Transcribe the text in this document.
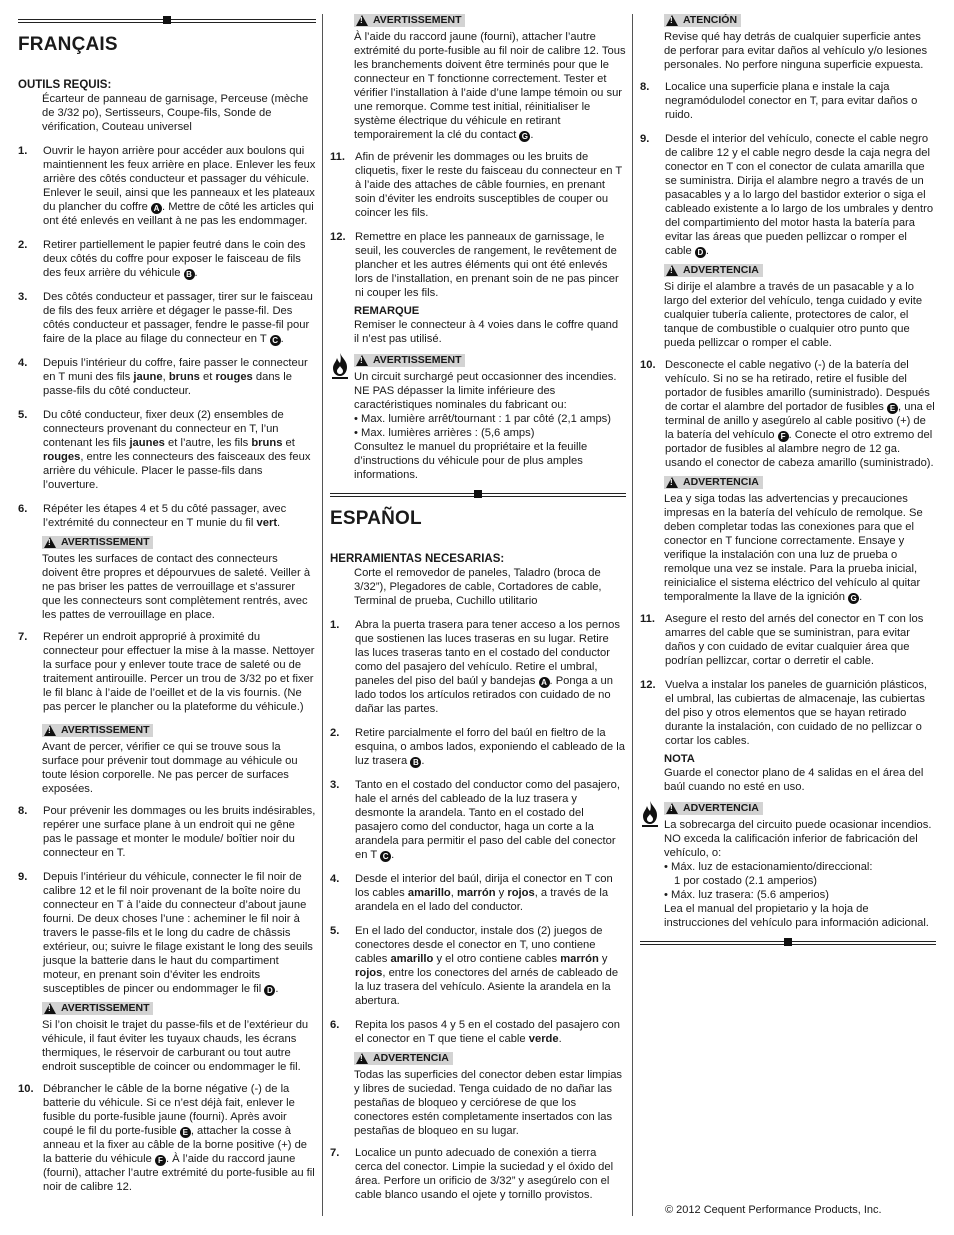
FRANÇAIS
OUTILS REQUIS:
Écarteur de panneau de garnisage, Perceuse (mèche de 3/32 po), Sertisseurs, Coupe-fils, Sonde de vérification, Couteau universel
1.	Ouvrir le hayon arrière pour accéder aux boulons qui maintiennent les feux arrière en place. Enlever les feux arrière des côtés conducteur et passager du véhicule. Enlever le seuil, ainsi que les panneaux et les plateaux du plancher du coffre A . Mettre de côté les articles qui ont été enlevés en veillant à ne pas les endommager.
2.	Retirer partiellement le papier feutré dans le coin des deux côtés du coffre pour exposer le faisceau de fils des feux arrière du véhicule B .
3.	Des côtés conducteur et passager, tirer sur le faisceau de fils des feux arrière et dégager le passe-fil. Des côtés conducteur et passager, fendre le passe-fil pour faire de la place au filage du connecteur en T C .
4.	Depuis l’intérieur du coffre, faire passer le connecteur en T muni des fils jaune, bruns et rouges dans le passe-fils du côté conducteur.
5.	Du côté conducteur, fixer deux (2) ensembles de connecteurs provenant du connecteur en T, l’un contenant les fils jaunes et l’autre, les fils bruns et rouges, entre les connecteurs des faisceaux des feux arrière du véhicule. Placer le passe-fils dans l’ouverture.
6.	Répéter les étapes 4 et 5 du côté passager, avec l’extrémité du connecteur en T munie du fil vert.
!
AVERTISSEMENT
Toutes les surfaces de contact des connecteurs doivent être propres et dépourvues de saleté. Veiller à ne pas briser les pattes de verrouillage et s’assurer que les connecteurs sont complètement rentrés, avec les pattes de verrouillage en place.
7.	Repérer un endroit approprié à proximité du connecteur pour effectuer la mise à la masse. Nettoyer la surface pour y enlever toute trace de saleté ou de traitement antirouille. Percer un trou de 3/32 po et fixer le fil blanc à l’aide de l’oeillet et de la vis fournis. (Ne pas percer le plancher ou la plateforme du véhicule.)
!
AVERTISSEMENT
Avant de percer, vérifier ce qui se trouve sous la surface pour prévenir tout dommage au véhicule ou toute lésion corporelle. Ne pas percer de surfaces exposées.
8.	Pour prévenir les dommages ou les bruits indésirables, repérer une surface plane à un endroit qui ne gêne pas le passage et monter le module/ boîtier noir du connecteur en T.
9.	Depuis l’intérieur du véhicule, connecter le fil noir de calibre 12 et le fil noir provenant de la boîte noire du connecteur en T à l’aide du connecteur d’about jaune fourni. De deux choses l’une : acheminer le fil noir à travers le passe-fils et le long du cadre de châssis extérieur, ou; suivre le filage existant le long des seuils jusque la batterie dans le haut du compartiment moteur, en prenant soin d’éviter les endroits susceptibles de pincer ou endommager le fil D .
!
AVERTISSEMENT
Si l’on choisit le trajet du passe-fils et de l’extérieur du véhicule, il faut éviter les tuyaux chauds, les écrans thermiques, le réservoir de carburant ou tout autre endroit susceptible de coincer ou endommager le fil.
10. Débrancher le câble de la borne négative (-) de la batterie du véhicule. Si ce n’est déjà fait, enlever le fusible du porte-fusible jaune (fourni). Après avoir coupé le fil du porte-fusible E , attacher la cosse à anneau et la fixer au câble de la borne positive (+) de la batterie du véhicule F . À l’aide du raccord jaune (fourni), attacher l’autre extrémité du porte-fusible au fil noir de calibre 12.
!
AVERTISSEMENT
À l’aide du raccord jaune (fourni), attacher l’autre extrémité du porte-fusible au fil noir de calibre 12. Tous les branchements doivent être terminés pour que le connecteur en T fonctionne correctement. Tester et vérifier l’installation à l’aide d’une lampe témoin ou sur une remorque. Comme test initial, réinitialiser le système électrique du véhicule en retirant temporairement la clé du contact G .
11. Afin de prévenir les dommages ou les bruits de cliquetis, fixer le reste du faisceau du connecteur en T à l’aide des attaches de câble fournies, en prenant soin d’éviter les endroits susceptibles de couper ou coincer les fils.
12. Remettre en place les panneaux de garnissage, le seuil, les couvercles de rangement, le revêtement de plancher et les autres éléments qui ont été enlevés lors de l’installation, en prenant soin de ne pas pincer ni couper les fils.
REMARQUE
Remiser le connecteur à 4 voies dans le coffre quand il n’est pas utilisé.
!
AVERTISSEMENT
Un circuit surchargé peut occasionner des incendies. NE PAS dépasser la limite inférieure des caractéristiques nominales du fabricant ou:
• Max. lumière arrêt/tournant : 1 par côté (2,1 amps)
• Max. lumières arrières : (5,6 amps)
Consultez le manuel du propriétaire et la feuille d’instructions du véhicule pour de plus amples informations.
ESPAÑOL
HERRAMIENTAS NECESARIAS:
Corte el removedor de paneles, Taladro (broca de 3/32”), Plegadores de cable, Cortadores de cable, Terminal de prueba, Cuchillo utilitario
1.	Abra la puerta trasera para tener acceso a los pernos que sostienen las luces traseras en su lugar. Retire las luces traseras tanto en el costado del conductor como del pasajero del vehículo. Retire el umbral, paneles del piso del baúl y bandejas A . Ponga a un lado todos los artículos retirados con cuidado de no dañar las partes.
2.	Retire parcialmente el forro del baúl en fieltro de la esquina, o ambos lados, exponiendo el cableado de la luz trasera B .
3.	Tanto en el costado del conductor como del pasajero, hale el arnés del cableado de la luz trasera y desmonte la arandela. Tanto en el costado del pasajero como del conductor, haga un corte a la arandela para permitir el paso del cable del conector en T C .
4.	Desde el interior del baúl, dirija el conector en T con los cables amarillo, marrón y rojos, a través de la arandela en el lado del conductor.
5.	En el lado del conductor, instale dos (2) juegos de conectores desde el conector en T, uno contiene cables amarillo y el otro contiene cables marrón y rojos, entre los conectores del arnés de cableado de la luz trasera del vehículo. Asiente la arandela en la abertura.
6.	Repita los pasos 4 y 5 en el costado del pasajero con el conector en T que tiene el cable verde.
!
ADVERTENCIA
Todas las superficies del conector deben estar limpias y libres de suciedad. Tenga cuidado de no dañar las pestañas de bloqueo y cerciórese de que los conectores estén completamente insertados con las pestañas de bloqueo en su lugar.
7.	Localice un punto adecuado de conexión a tierra cerca del conector. Limpie la suciedad y el óxido del área. Perfore un orificio de 3/32” y asegúrelo con el cable blanco usando el ojete y tornillo provistos.
!
ATENCIÓN
Revise qué hay detrás de cualquier superficie antes de perforar para evitar daños al vehículo y/o lesiones personales. No perfore ninguna superficie expuesta.
8.	Localice una superficie plana e instale la caja negramódulodel conector en T, para evitar daños o ruido.
9.	Desde el interior del vehículo, conecte el cable negro de calibre 12 y el cable negro desde la caja negra del conector en T con el conector de culata amarilla que se suministra. Dirija el alambre negro a través de un pasacables y a lo largo del bastidor exterior o siga el cableado existente a lo largo de los umbrales y dentro del compartimiento del motor hasta la batería para evitar las áreas que pueden pellizcar o romper el cable D .
!
ADVERTENCIA
Si dirije el alambre a través de un pasacable y a lo largo del exterior del vehículo, tenga cuidado y evite cualquier tubería caliente, protectores de calor, el tanque de combustible o cualquier otro punto que pueda pellizcar o romper el cable.
10. Desconecte el cable negativo (-) de la batería del vehículo. Si no se ha retirado, retire el fusible del portador de fusibles amarillo (suministrado). Después de cortar el alambre del portador de fusibles E , una el terminal de anillo y asegúrelo al cable positivo (+) de la batería del vehículo F . Conecte el otro extremo del portador de fusibles al alambre negro de 12 ga. usando el conector de cabeza amarillo (suministrado).
!
ADVERTENCIA
Lea y siga todas las advertencias y precauciones impresas en la batería del vehículo de remolque. Se deben completar todas las conexiones para que el conector en T funcione correctamente. Ensaye y verifique la instalación con una luz de prueba o remolque una vez se instale. Para la prueba inicial, reinicialice el sistema eléctrico del vehículo al quitar temporalmente la llave de la ignición G .
11. Asegure el resto del arnés del conector en T con los amarres del cable que se suministran, para evitar daños y con cuidado de evitar cualquier área que podrían pellizcar, cortar o derretir el cable.
12. Vuelva a instalar los paneles de guarnición plásticos, el umbral, las cubiertas de almacenaje, las cubiertas del piso y otros elementos que se hayan retirado durante la instalación, con cuidado de no pellizcar o cortar los cables.
NOTA
Guarde el conector plano de 4 salidas en el área del baúl cuando no esté en uso.
!
ADVERTENCIA
La sobrecarga del circuito puede ocasionar incendios. NO exceda la calificación inferior de fabricación del vehículo, o:
• Máx. luz de estacionamiento/direccional:
1 por costado (2.1 amperios)
• Máx. luz trasera: (5.6 amperios)
Lea el manual del propietario y la hoja de instrucciones del vehículo para información adicional.
© 2012 Cequent Performance Products, Inc.
